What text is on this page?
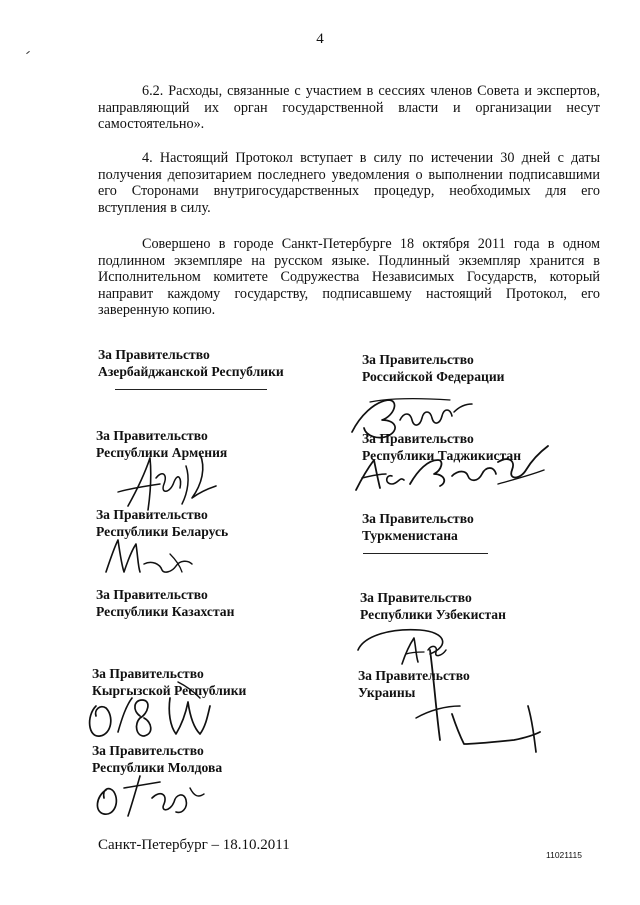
4
6.2. Расходы, связанные с участием в сессиях членов Совета и экспертов, направляющий их орган государственной власти и организации несут самостоятельно».
4. Настоящий Протокол вступает в силу по истечении 30 дней с даты получения депозитарием последнего уведомления о выполнении подписавшими его Сторонами внутригосударственных процедур, необходимых для его вступления в силу.
Совершено в городе Санкт-Петербурге 18 октября 2011 года в одном подлинном экземпляре на русском языке. Подлинный экземпляр хранится в Исполнительном комитете Содружества Независимых Государств, который направит каждому государству, подписавшему настоящий Протокол, его заверенную копию.
За Правительство
Азербайджанской Республики
За Правительство
Республики Армения
За Правительство
Республики Беларусь
За Правительство
Республики Казахстан
За Правительство
Кыргызской Республики
За Правительство
Республики Молдова
За Правительство
Российской Федерации
За Правительство
Республики Таджикистан
За Правительство
Туркменистана
За Правительство
Республики Узбекистан
За Правительство
Украины
Санкт-Петербург – 18.10.2011
11021115
